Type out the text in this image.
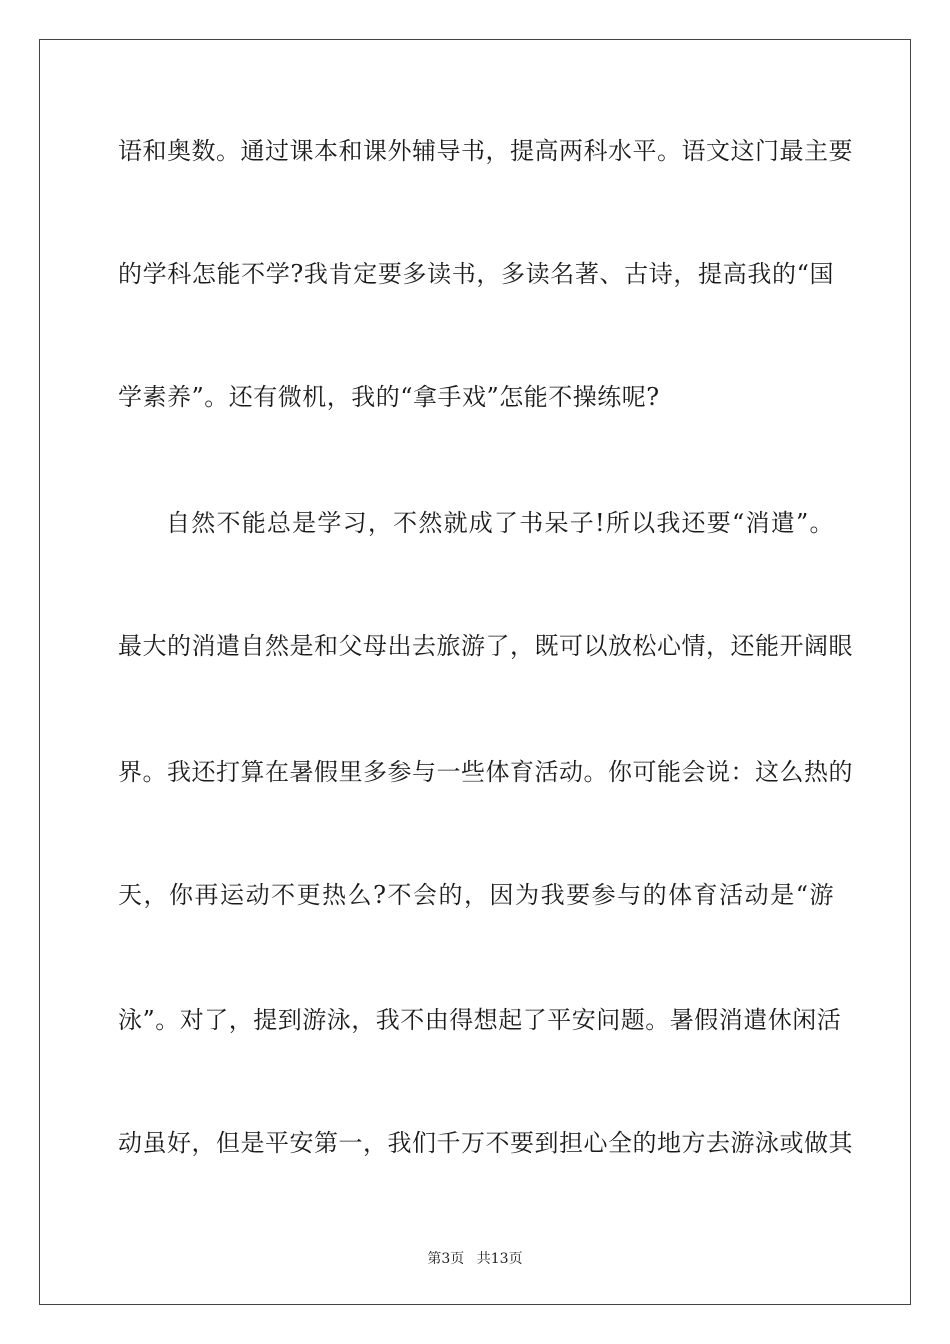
语和奥数。通过课本和课外辅导书，提高两科水平。语文这门最主要
的学科怎能不学?我肯定要多读书，多读名著、古诗，提高我的“国
学素养”。还有微机，我的“拿手戏”怎能不操练呢?
自然不能总是学习，不然就成了书呆子!所以我还要“消遣”。
最大的消遣自然是和父母出去旅游了，既可以放松心情，还能开阔眼
界。我还打算在暑假里多参与一些体育活动。你可能会说：这么热的
天，你再运动不更热么?不会的，因为我要参与的体育活动是“游
泳”。对了，提到游泳，我不由得想起了平安问题。暑假消遣休闲活
动虽好，但是平安第一，我们千万不要到担心全的地方去游泳或做其
第3页 共13页
